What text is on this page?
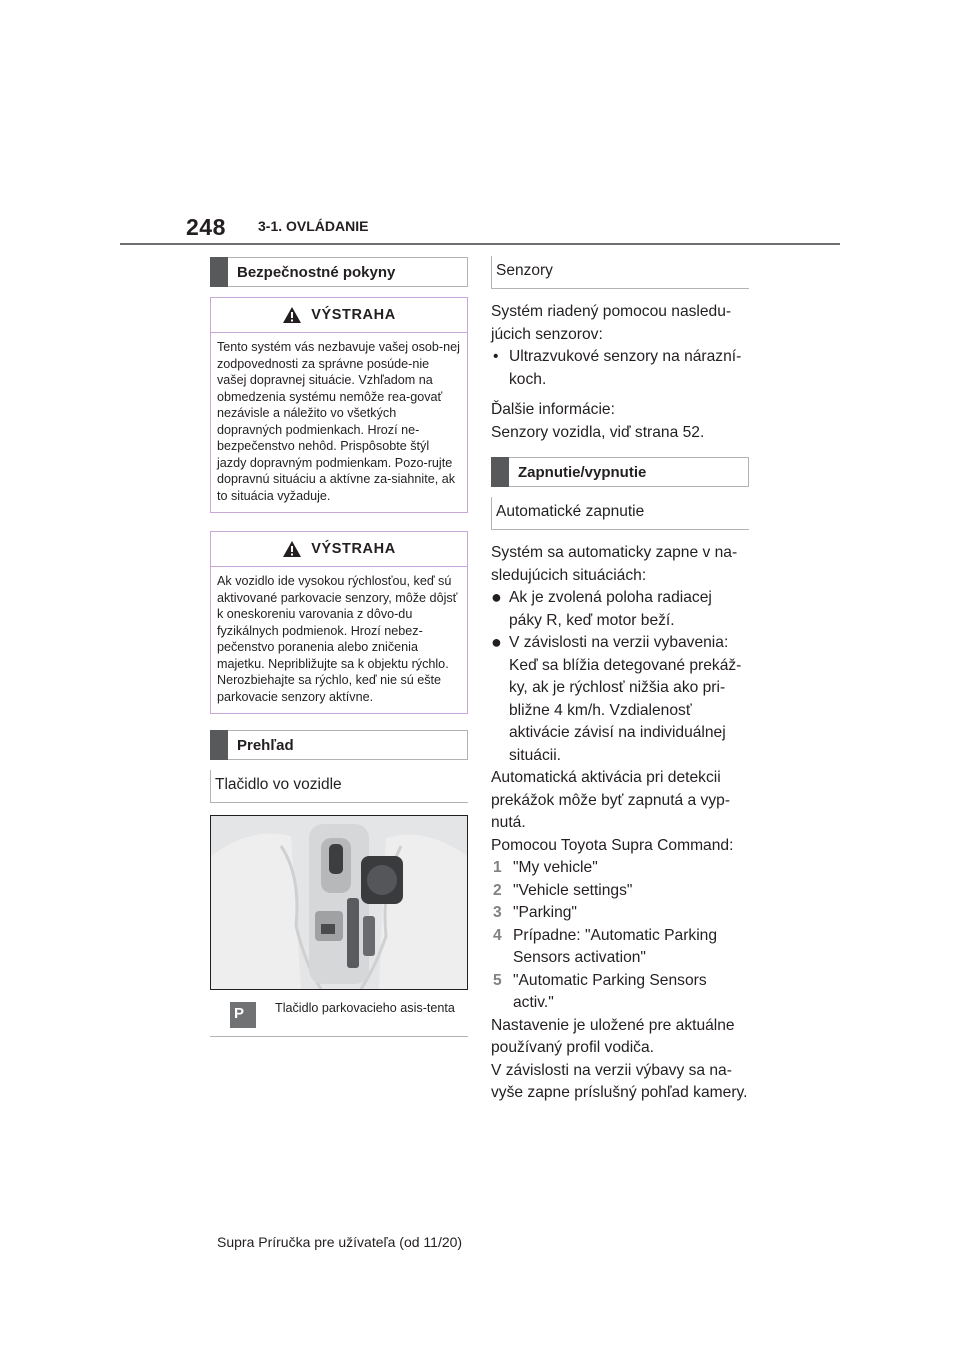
248 3-1. OVLÁDANIE
Bezpečnostné pokyny
VÝSTRAHA
Tento systém vás nezbavuje vašej osob-nej zodpovednosti za správne posúde-nie vašej dopravnej situácie. Vzhľadom na obmedzenia systému nemôže rea-govať nezávisle a náležito vo všetkých dopravných podmienkach. Hrozí ne-bezpečenstvo nehôd. Prispôsobte štýl jazdy dopravným podmienkam. Pozo-rujte dopravnú situáciu a aktívne za-siahnite, ak to situácia vyžaduje.
VÝSTRAHA
Ak vozidlo ide vysokou rýchlosťou, keď sú aktivované parkovacie senzory, môže dôjsť k oneskoreniu varovania z dôvo-du fyzikálnych podmienok. Hrozí nebez-pečenstvo poranenia alebo zničenia majetku. Nepribližujte sa k objektu rýchlo. Nerozbiehajte sa rýchlo, keď nie sú ešte parkovacie senzory aktívne.
Prehľad
Tlačidlo vo vozidle
P Tlačidlo parkovacieho asis-tenta
Senzory

Systém riadený pomocou nasledu-júcich senzorov:

• Ultrazvukové senzory na nárazní-koch.

Ďalšie informácie:

Senzory vozidla, viď strana 52.

Zapnutie/vypnutie
Automatické zapnutie

Systém sa automaticky zapne v na-sledujúcich situáciách:

● Ak je zvolená poloha radiacej páky R, keď motor beží.
● V závislosti na verzii vybavenia: Keď sa blížia detegované prekáž-ky, ak je rýchlosť nižšia ako pri-bližne 4 km/h. Vzdialenosť aktivácie závisí na individuálnej situácii.

Automatická aktivácia pri detekcii prekážok môže byť zapnutá a vyp-nutá.

Pomocou Toyota Supra Command:

1 "My vehicle"
2 "Vehicle settings"
3 "Parking"
4 Prípadne: "Automatic Parking Sensors activation"
5 "Automatic Parking Sensors activ."

Nastavenie je uložené pre aktuálne používaný profil vodiča.

V závislosti na verzii výbavy sa na-vyše zapne príslušný pohľad kamery.

Supra Príručka pre užívateľa (od 11/20)
